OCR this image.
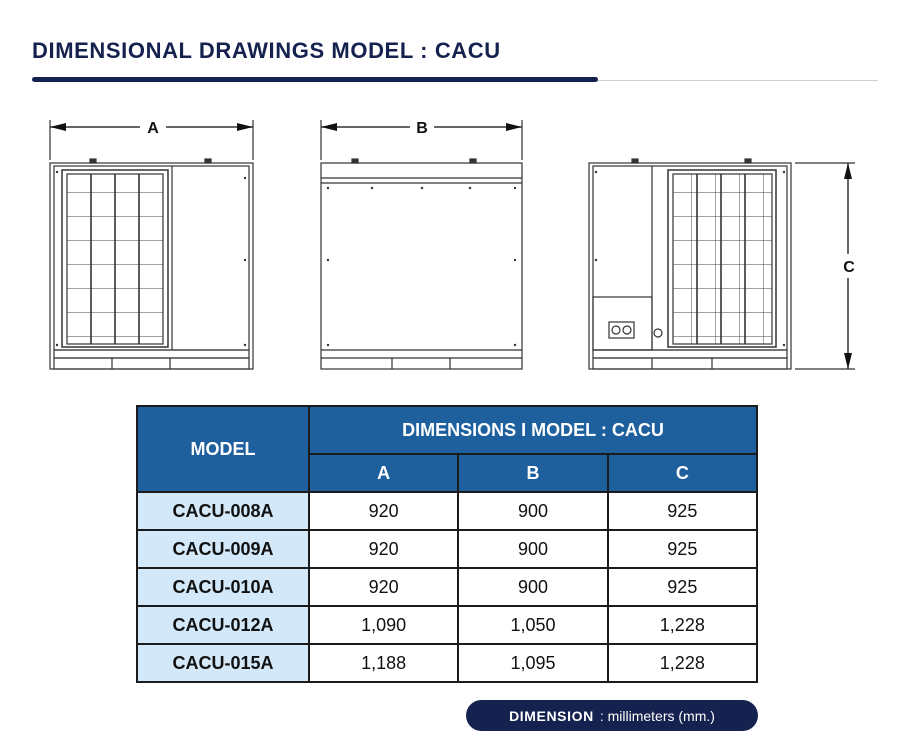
DIMENSIONAL DRAWINGS MODEL : CACU
A	B
C
MODEL	DIMENSIONS I MODEL : CACU		
	A	B	C
CACU-008A	920	900	925
CACU-009A	920	900	925
CACU-010A	920	900	925
CACU-012A	1,090	1,050	1,228
CACU-015A	1,188	1,095	1,228
DIMENSION : millimeters (mm.)
